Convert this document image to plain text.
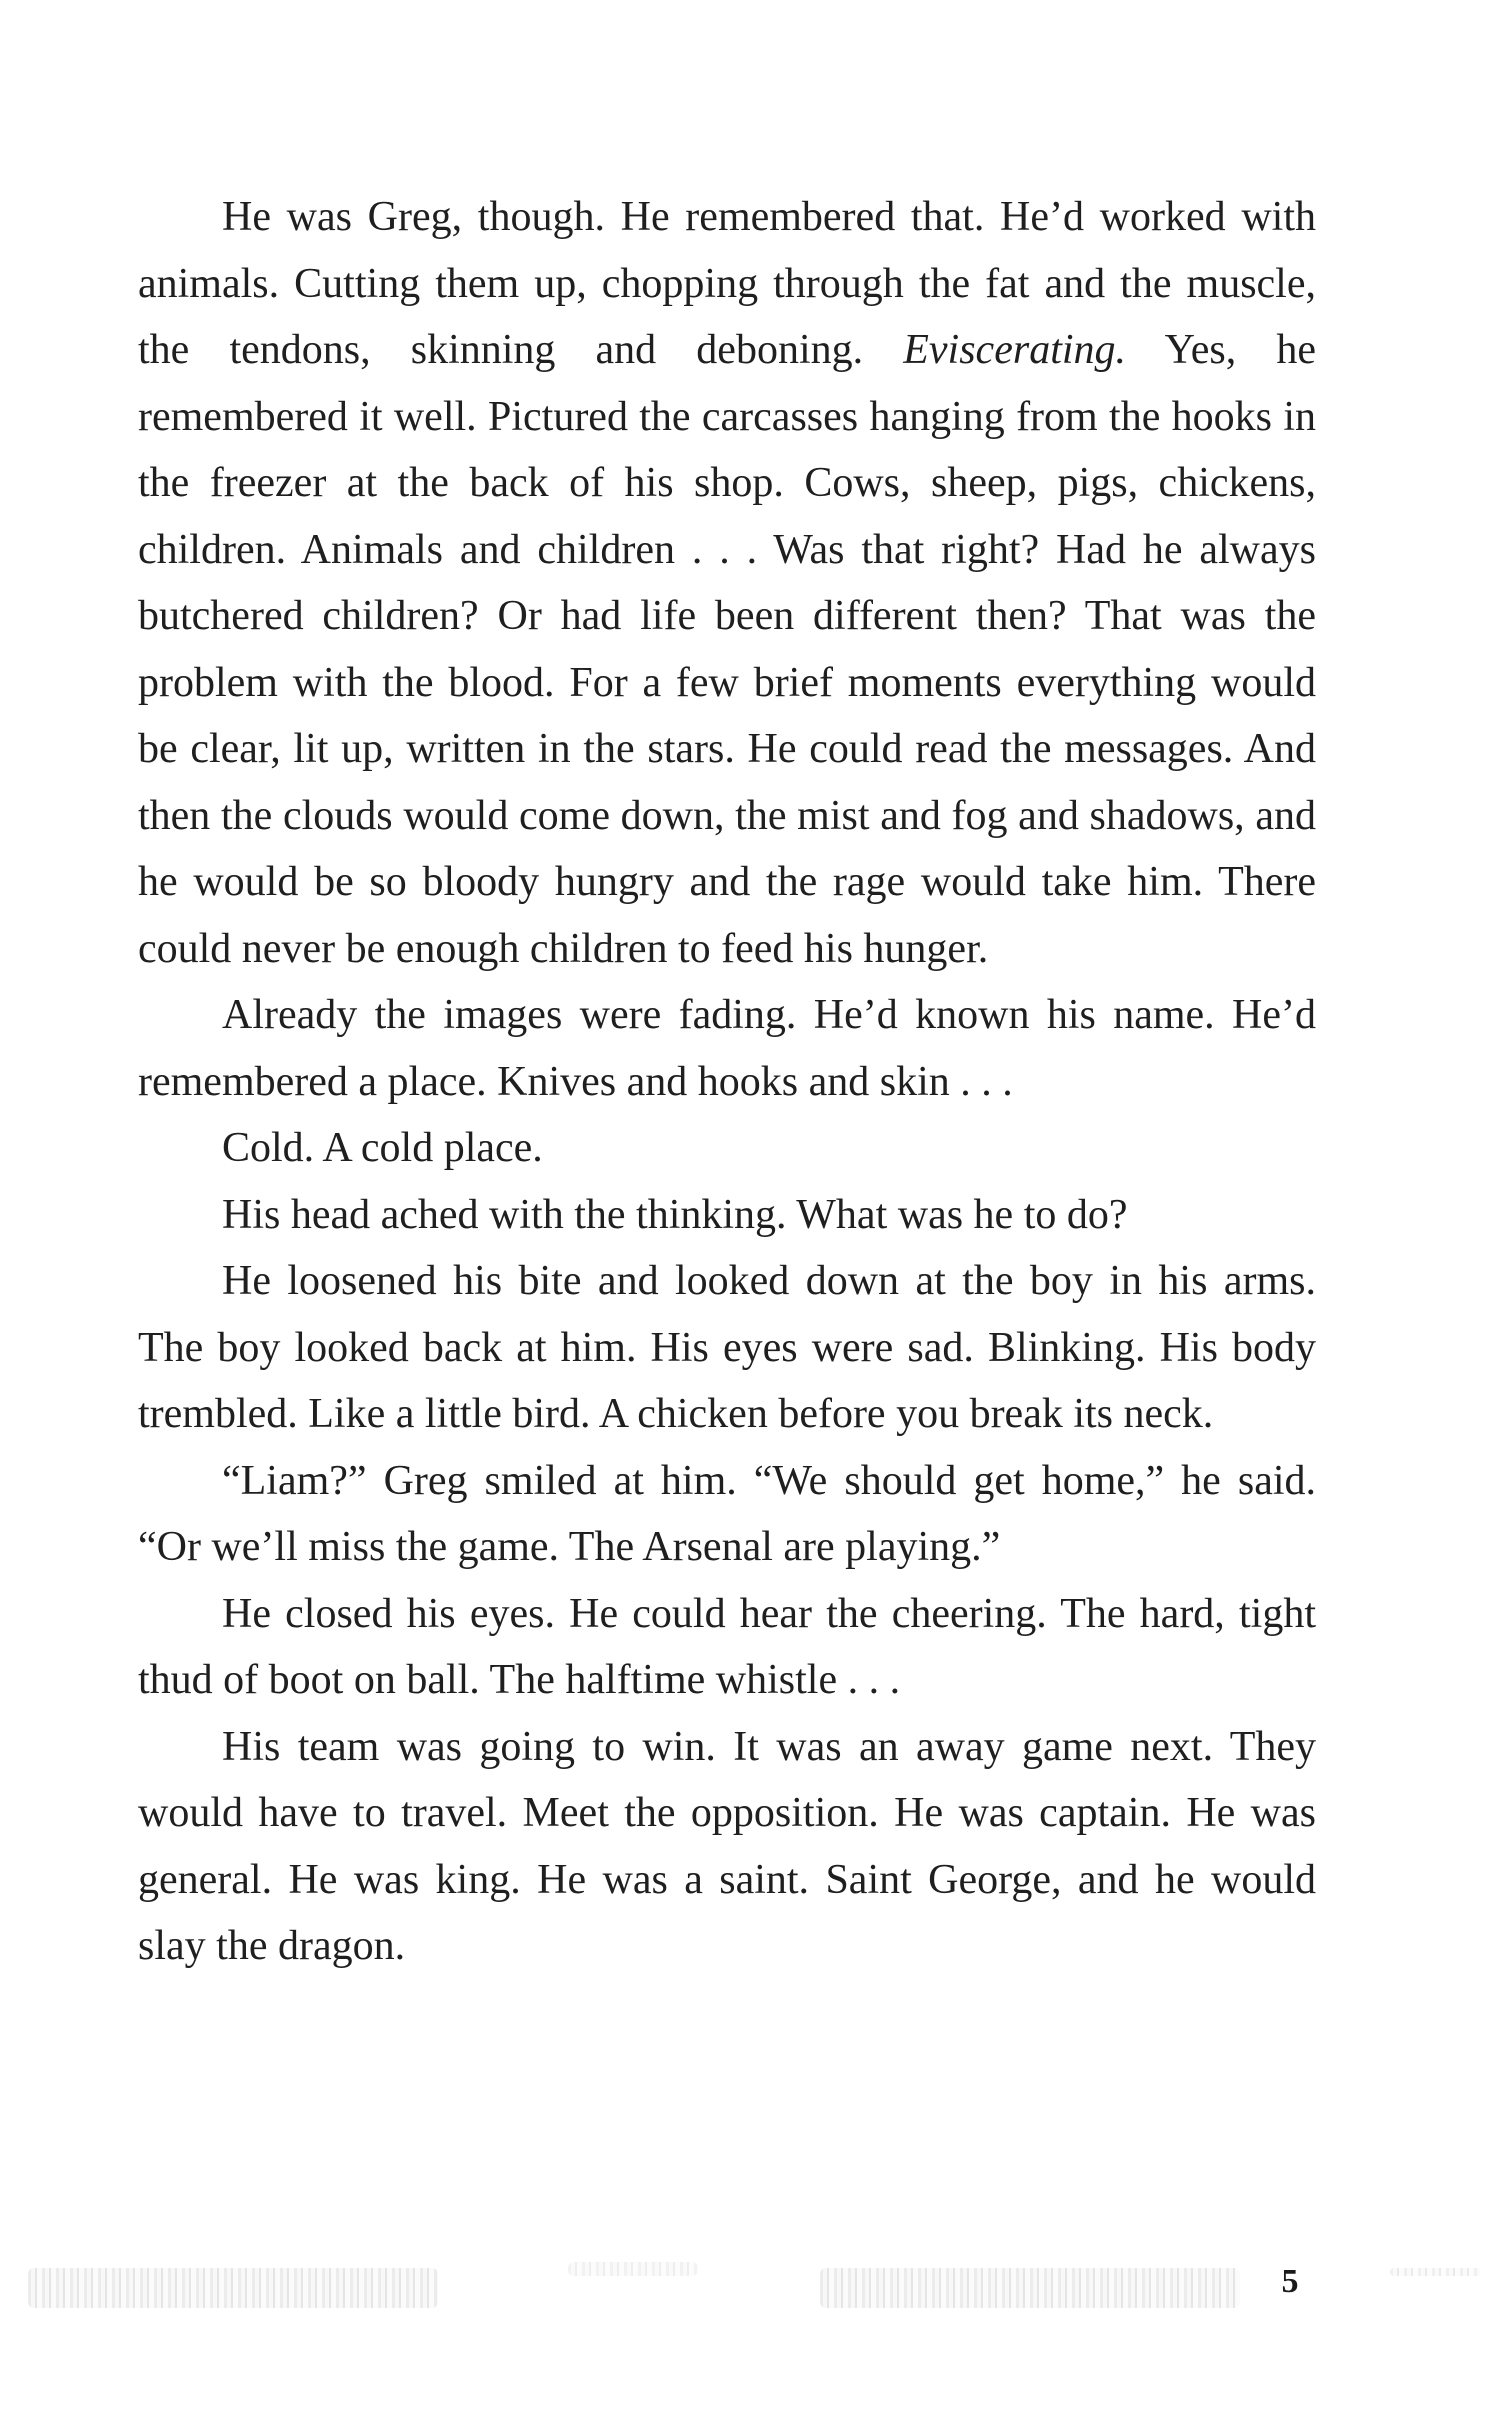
He was Greg, though. He remembered that. He’d worked with animals. Cutting them up, chopping through the fat and the muscle, the tendons, skinning and deboning. Eviscerating. Yes, he remembered it well. Pictured the carcasses hanging from the hooks in the freezer at the back of his shop. Cows, sheep, pigs, chickens, children. Animals and children . . . Was that right? Had he always butchered children? Or had life been different then? That was the problem with the blood. For a few brief moments everything would be clear, lit up, written in the stars. He could read the messages. And then the clouds would come down, the mist and fog and shadows, and he would be so bloody hungry and the rage would take him. There could never be enough children to feed his hunger.

Already the images were fading. He’d known his name. He’d remembered a place. Knives and hooks and skin . . .

Cold. A cold place.

His head ached with the thinking. What was he to do?

He loosened his bite and looked down at the boy in his arms. The boy looked back at him. His eyes were sad. Blinking. His body trembled. Like a little bird. A chicken before you break its neck.

“Liam?” Greg smiled at him. “We should get home,” he said. “Or we’ll miss the game. The Arsenal are playing.”

He closed his eyes. He could hear the cheering. The hard, tight thud of boot on ball. The halftime whistle . . .

His team was going to win. It was an away game next. They would have to travel. Meet the opposition. He was captain. He was general. He was king. He was a saint. Saint George, and he would slay the dragon.

5
